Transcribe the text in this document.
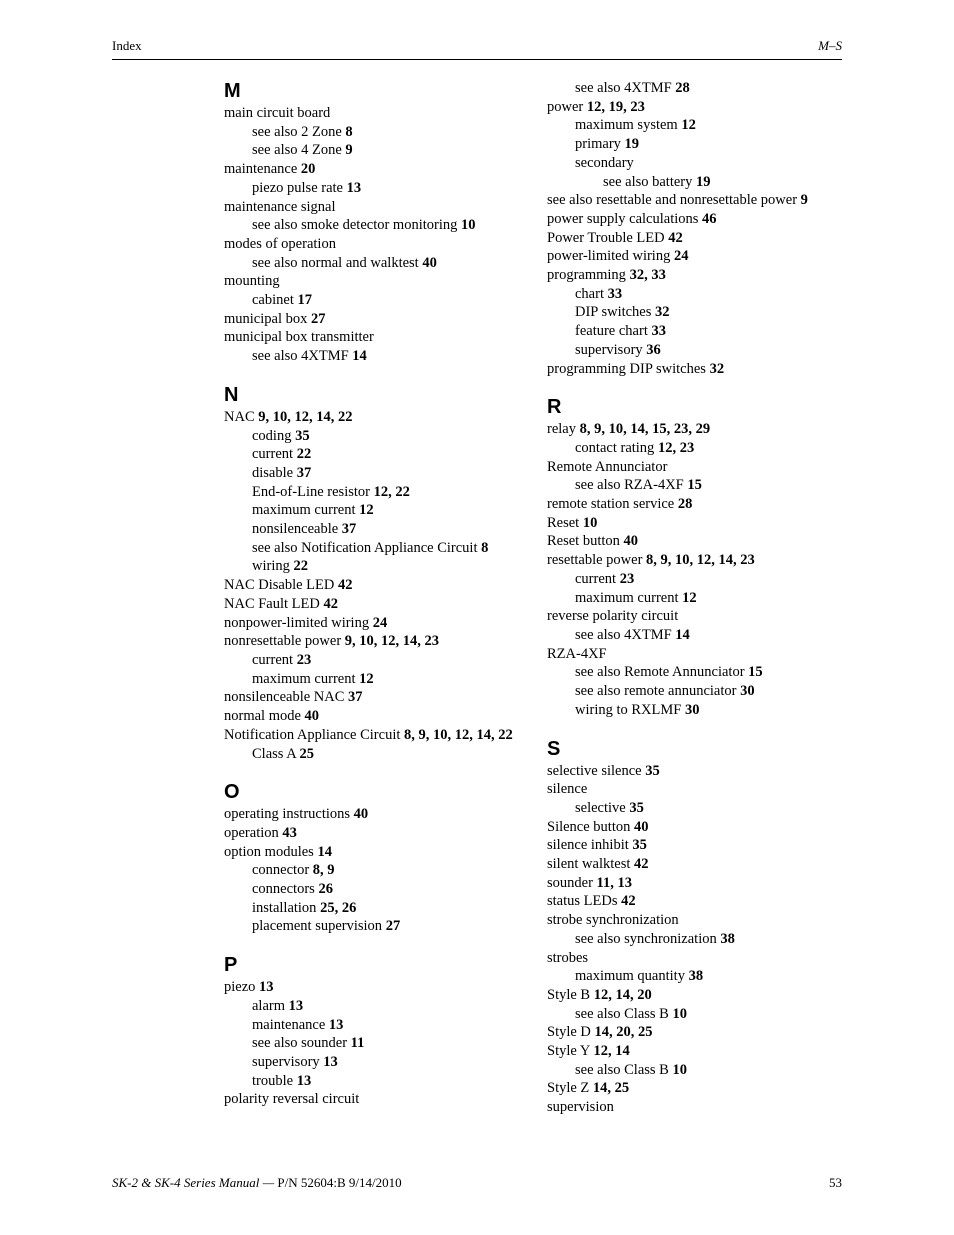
Index	M–S
M
main circuit board
see also 2 Zone 8
see also 4 Zone 9
maintenance 20
piezo pulse rate 13
maintenance signal
see also smoke detector monitoring 10
modes of operation
see also normal and walktest 40
mounting
cabinet 17
municipal box 27
municipal box transmitter
see also 4XTMF 14
N
NAC 9, 10, 12, 14, 22
coding 35
current 22
disable 37
End-of-Line resistor 12, 22
maximum current 12
nonsilenceable 37
see also Notification Appliance Circuit 8
wiring 22
NAC Disable LED 42
NAC Fault LED 42
nonpower-limited wiring 24
nonresettable power 9, 10, 12, 14, 23
current 23
maximum current 12
nonsilenceable NAC 37
normal mode 40
Notification Appliance Circuit 8, 9, 10, 12, 14, 22
Class A 25
O
operating instructions 40
operation 43
option modules 14
connector 8, 9
connectors 26
installation 25, 26
placement supervision 27
P
piezo 13
alarm 13
maintenance 13
see also sounder 11
supervisory 13
trouble 13
polarity reversal circuit
see also 4XTMF 28
power 12, 19, 23
maximum system 12
primary 19
secondary
see also battery 19
see also resettable and nonresettable power 9
power supply calculations 46
Power Trouble LED 42
power-limited wiring 24
programming 32, 33
chart 33
DIP switches 32
feature chart 33
supervisory 36
programming DIP switches 32
R
relay 8, 9, 10, 14, 15, 23, 29
contact rating 12, 23
Remote Annunciator
see also RZA-4XF 15
remote station service 28
Reset 10
Reset button 40
resettable power 8, 9, 10, 12, 14, 23
current 23
maximum current 12
reverse polarity circuit
see also 4XTMF 14
RZA-4XF
see also Remote Annunciator 15
see also remote annunciator 30
wiring to RXLMF 30
S
selective silence 35
silence
selective 35
Silence button 40
silence inhibit 35
silent walktest 42
sounder 11, 13
status LEDs 42
strobe synchronization
see also synchronization 38
strobes
maximum quantity 38
Style B 12, 14, 20
see also Class B 10
Style D 14, 20, 25
Style Y 12, 14
see also Class B 10
Style Z 14, 25
supervision
SK-2 & SK-4 Series Manual — P/N 52604:B 9/14/2010	53
